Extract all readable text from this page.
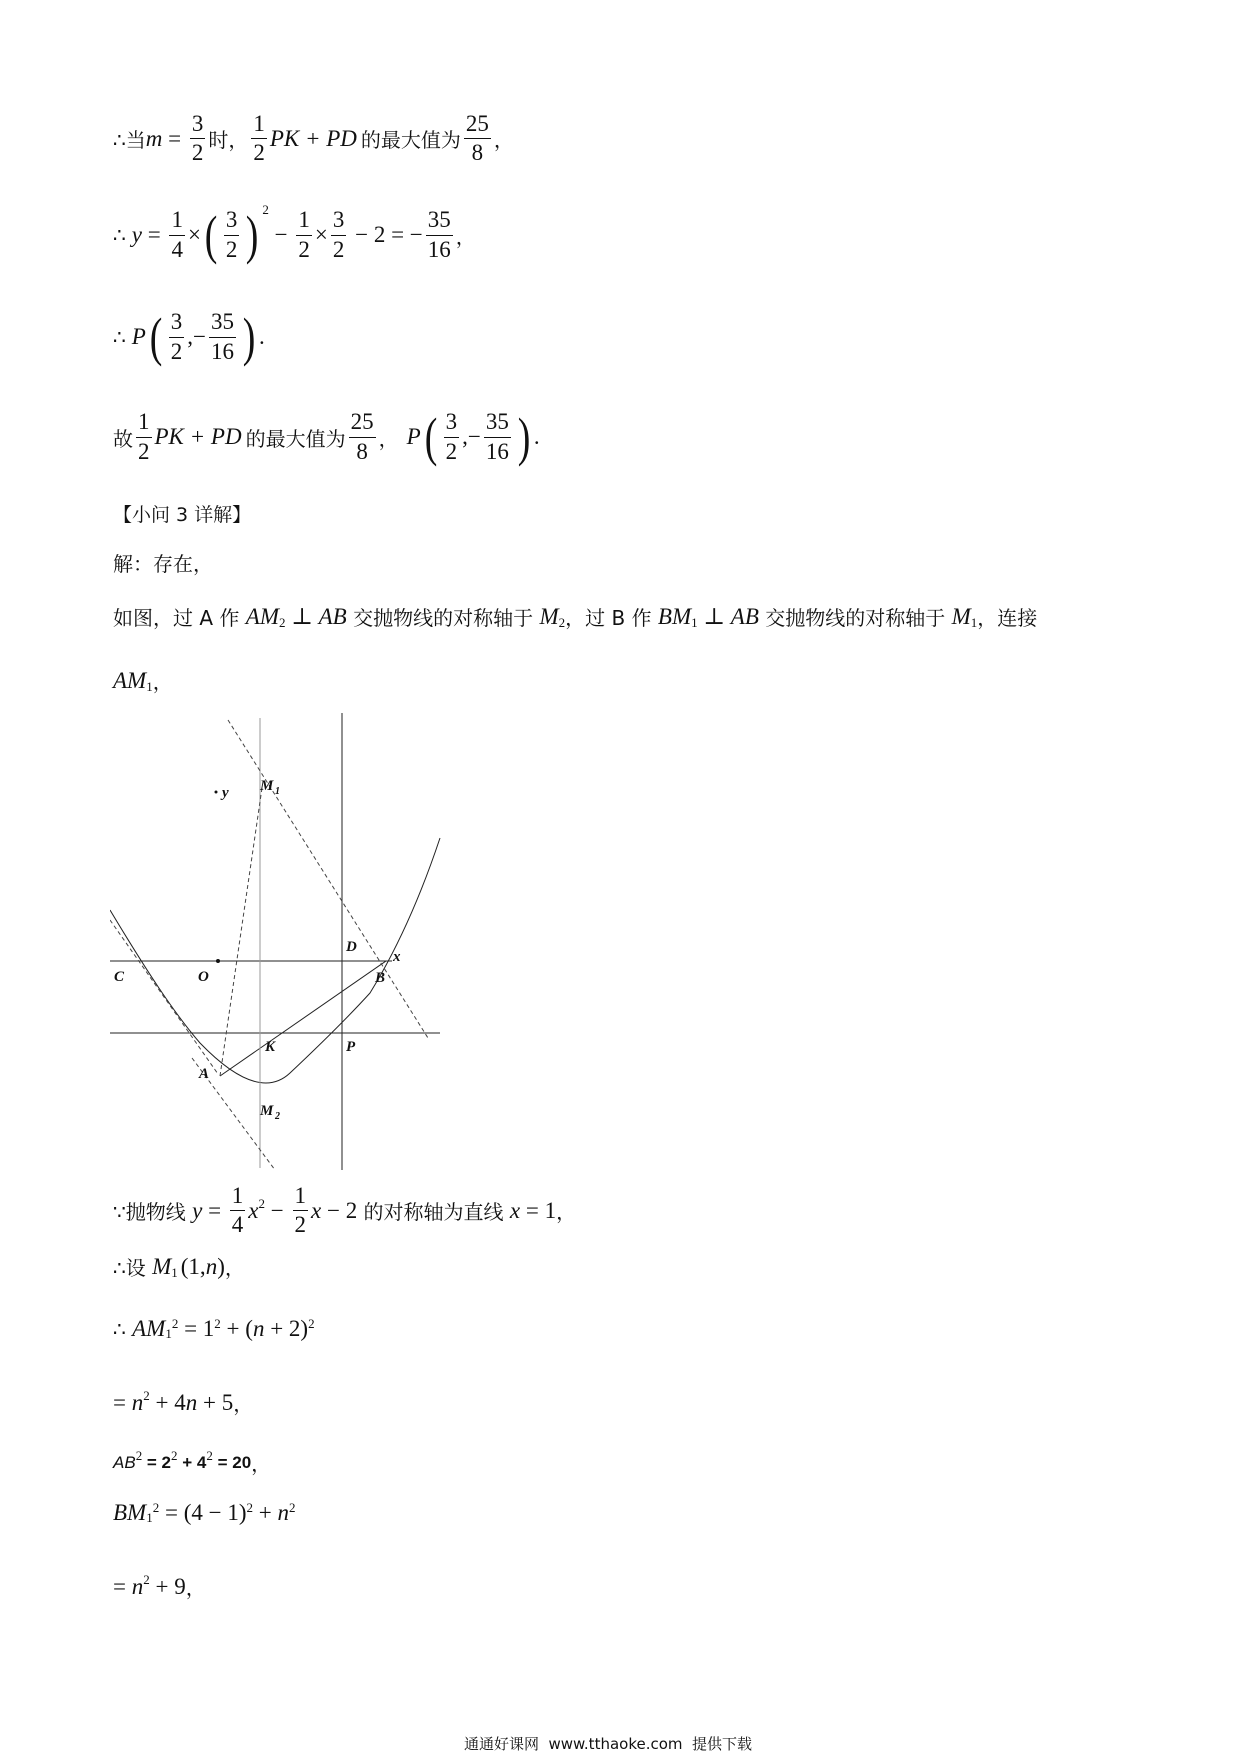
∴当 $m = \frac{3}{2}$ 时， $\frac{1}{2}$ PK + PD 的最大值为 $\frac{25}{8}$ ，
∴ $y = \frac{1}{4}$ × ( $\frac{3}{2}$ ) $^2$
− $\frac{1}{2} \times \frac{3}{2} - 2$ = − $\frac{35}{16}$ ，
∴ P ( $\frac{3}{2}$ ,− $\frac{35}{16}$ ) .
故 $\frac{1}{2}$ PK + PD 的最大值为 $\frac{25}{8}$ ， P ( $\frac{3}{2}$ ,− $\frac{35}{16}$ ) .
【小问 3 详解】
解：存在，
如图，过 A 作 $AM_2$ ⊥ AB 交抛物线的对称轴于 $M_2$ ，过 B 作 $BM_1$ ⊥ AB 交抛物线的对称轴于 $M_1$ ，连接
$AM_1$ ，
y
x
M 1
M 2
D
C	O	B
K	P
A
∵抛物线 $y = \frac{1}{4} x^2 - \frac{1}{2}$ x − 2 的对称轴为直线 x = 1 ，
∴设 $M_1$ (1, n ) ，
∴ $AM_1$
$^2 = 1^2$ + ( n + 2)$^2$
= $n^2 + 4$ n + 5 ，
$AB^2 = 2^2 + 4^2 = 20$ ，
$BM_1$
$^2 = (4 - 1)^2 + n^2$
= $n^2 + 9$ ，
通通好课网  www.tthaoke.com  提供下载
